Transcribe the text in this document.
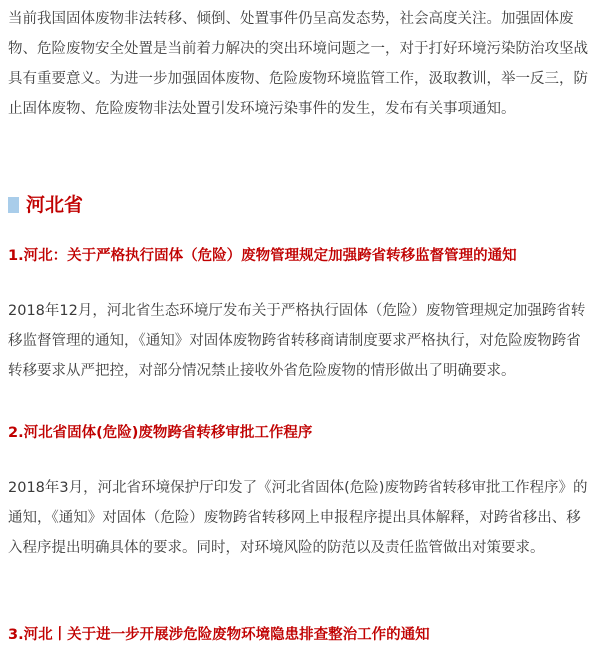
当前我国固体废物非法转移、倾倒、处置事件仍呈高发态势，社会高度关注。加强固体废物、危险废物安全处置是当前着力解决的突出环境问题之一，对于打好环境污染防治攻坚战具有重要意义。为进一步加强固体废物、危险废物环境监管工作，汲取教训，举一反三，防止固体废物、危险废物非法处置引发环境污染事件的发生，发布有关事项通知。

河北省

1.河北：关于严格执行固体（危险）废物管理规定加强跨省转移监督管理的通知

2018年12月，河北省生态环境厅发布关于严格执行固体（危险）废物管理规定加强跨省转移监督管理的通知，《通知》对固体废物跨省转移商请制度要求严格执行，对危险废物跨省转移要求从严把控，对部分情况禁止接收外省危险废物的情形做出了明确要求。

2.河北省固体(危险)废物跨省转移审批工作程序

2018年3月，河北省环境保护厅印发了《河北省固体(危险)废物跨省转移审批工作程序》的通知，《通知》对固体（危险）废物跨省转移网上申报程序提出具体解释，对跨省移出、移入程序提出明确具体的要求。同时，对环境风险的防范以及责任监管做出对策要求。

3.河北丨关于进一步开展涉危险废物环境隐患排查整治工作的通知
